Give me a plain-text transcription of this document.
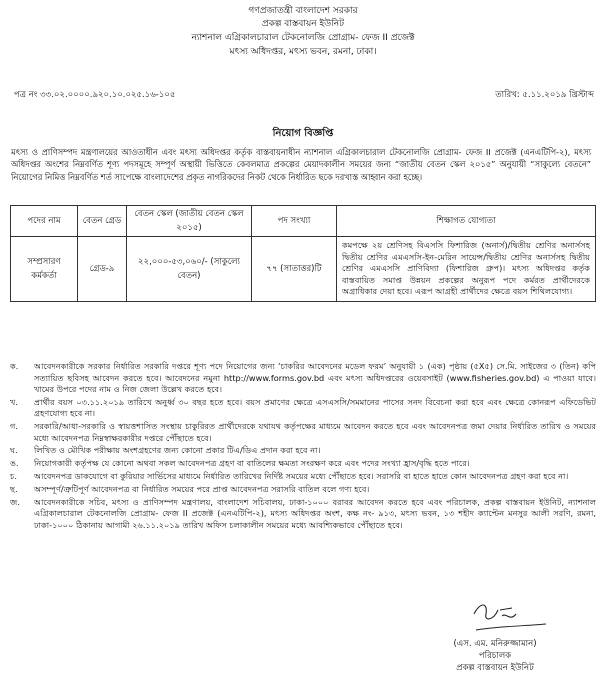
গণপ্রজাতন্ত্রী বাংলাদেশ সরকার
প্রকল্প বাস্তবায়ন ইউনিট
ন্যাশনাল এগ্রিকালচারাল টেকনোলজি প্রোগ্রাম- ফেজ II প্রজেক্ট
মৎস্য অধিদপ্তর, মৎস্য ভবন, রমনা, ঢাকা।
পত্র নং ৩৩.০২.০০০০.৯২০.১০.০২৫.১৬-১০৫	তারিখ: ৫.১১.২০১৯ খ্রিস্টাব্দ
নিয়োগ বিজ্ঞপ্তি
মৎস্য ও প্রাণিসম্পদ মন্ত্রণালয়ের আওতাধীন এবং মৎস্য অধিদপ্তর কর্তৃক বাস্তবায়নাধীন ন্যাশনাল এগ্রিকালচারাল টেকনোলজি প্রোগ্রাম- ফেজ II প্রজেক্ট (এনএটিপি-২), মৎস্য অধিদপ্তর অংশের নিম্নবর্ণিত শূণ্য পদসমূহে সম্পূর্ণ অস্থায়ী ভিত্তিতে কেবলমাত্র প্রকল্পের মেয়াদকালীন সময়ের জন্য “জাতীয় বেতন স্কেল ২০১৫” অনুযায়ী “সাকুল্যে বেতনে” নিয়োগের নিমিত্ত নিম্নবর্ণিত শর্ত সাপেক্ষে বাংলাদেশের প্রকৃত নাগরিকদের নিকট থেকে নির্ধারিত ছকে দরখাস্ত আহ্বান করা হচ্ছে।
পদের নাম	বেতন গ্রেড	বেতন স্কেল (জাতীয় বেতন স্কেল ২০১৫)	পদ সংখ্যা	শিক্ষাগত যোগ্যতা
সম্প্রসারণ কর্মকর্তা	গ্রেড-৯	২২,০০০-৫৩,০৬০/- (সাকুল্যে বেতন)	৭৭ (সাতাত্তর)টি	কমপক্ষে ২য় শ্রেণিসহ বিএসসি ফিশারিজ (অনার্স)/দ্বিতীয় শ্রেণির অনার্সসহ দ্বিতীয় শ্রেণির এমএসসি-ইন-মেরিন সায়েন্স/দ্বিতীয় শ্রেণির অনার্সসহ দ্বিতীয় শ্রেণির এমএসসি প্রাণিবিদ্যা (ফিশারিজ গ্রুপ)। মৎস্য অধিদপ্তর কর্তৃক বাস্তবায়িত সমাপ্ত উন্নয়ন প্রকল্পের অনুরূপ পদে কর্মরত প্রার্থীদেরকে অগ্রাধিকার দেয়া হবে। এরূপ আগ্রহী প্রার্থীদের ক্ষেত্রে বয়স শিথিলযোগ্য।
ক.	আবেদনকারীকে সরকার নির্ধারিত সরকারি দপ্তরে শূণ্য পদে নিয়োগের জন্য ‘চাকরির আবেদনের মডেল ফরম’ অনুযায়ী ১ (এক) পৃষ্ঠায় (৫X৫) সে.মি. সাইজের ৩ (তিন) কপি সত্যায়িত ছবিসহ আবেদন করতে হবে। আবেদনের নমুনা http://www.forms.gov.bd এবং মৎস্য অধিদপ্তরের ওয়েবসাইট (www.fisheries.gov.bd) এ পাওয়া যাবে। খামের উপরে পদের নাম ও নিজ জেলা উল্লেখ করতে হবে।
খ.	প্রার্থীর বয়স ০৩.১১.২০১৯ তারিখে অনুর্ধ্ব ৩০ বছর হতে হবে। বয়স প্রমাণের ক্ষেত্রে এসএসসি/সমমানের পাসের সনদ বিবেচনা করা হবে এবং ক্ষেত্রে কোনরূপ এফিডেভিট গ্রহণযোগ্য হবে না।
গ.	সরকারি/আধা-সরকারি ও স্বায়ত্তশাসিত সংস্থায় চাকুরিরত প্রার্থীদেরকে যথাযথ কর্তৃপক্ষের মাধ্যমে আবেদন করতে হবে এবং আবেদনপত্র জমা দেয়ার নির্ধারিত তারিখ ও সময়ের মধ্যে আবেদনপত্র নিম্নস্বাক্ষরকারীর দপ্তরে পৌঁছাতে হবে।
ঘ.	লিখিত ও মৌখিক পরীক্ষায় অংশগ্রহণের জন্য কোনো প্রকার টিএ/ডিএ প্রদান করা হবে না।
ঙ.	নিয়োগকারী কর্তৃপক্ষ যে কোনো অথবা সকল আবেদনপত্র গ্রহণ বা বাতিলের ক্ষমতা সংরক্ষণ করে এবং পদের সংখ্যা হ্রাস/বৃদ্ধি হতে পারে।
চ.	আবেদনপত্র ডাকযোগে বা কুরিয়ার সার্ভিসের মাধ্যমে নির্ধারিত তারিখের নির্দিষ্ট সময়ের মধ্যে পৌঁছাতে হবে। সরাসরি বা হাতে হাতে কোন আবেদনপত্র গ্রহণ করা হবে না।
ছ.	অসম্পূর্ণ/ত্রুটিপূর্ণ আবেদনপত্র বা নির্ধারিত সময়ের পরে প্রাপ্ত আবেদনপত্র সরাসরি বাতিল বলে গণ্য হবে।
জ.	আবেদনকারীকে সচিব, মৎস্য ও প্রাণিসম্পদ মন্ত্রণালয়, বাংলাদেশ সচিবালয়, ঢাকা-১০০০ বরাবর আবেদন করতে হবে এবং পরিচালক, প্রকল্প বাস্তবায়ন ইউনিট, ন্যাশনাল এগ্রিকালচারাল টেকনোলজি প্রোগ্রাম- ফেজ II প্রজেক্ট (এনএটিপি-২), মৎস্য অধিদপ্তর অংশ, কক্ষ নং- ৯১৩, মৎস্য ভবন, ১৩ শহীদ ক্যাপ্টেন মনসুর আলী সরণি, রমনা, ঢাকা-১০০০ ঠিকানায় আগামী ২৬.১১.২০১৯ তারিখ অফিস চলাকালীন সময়ের মধ্যে আবশ্যিকভাবে পৌঁছাতে হবে।
(এস. এম. মনিরুজ্জামান)
পরিচালক
প্রকল্প বাস্তবায়ন ইউনিট
